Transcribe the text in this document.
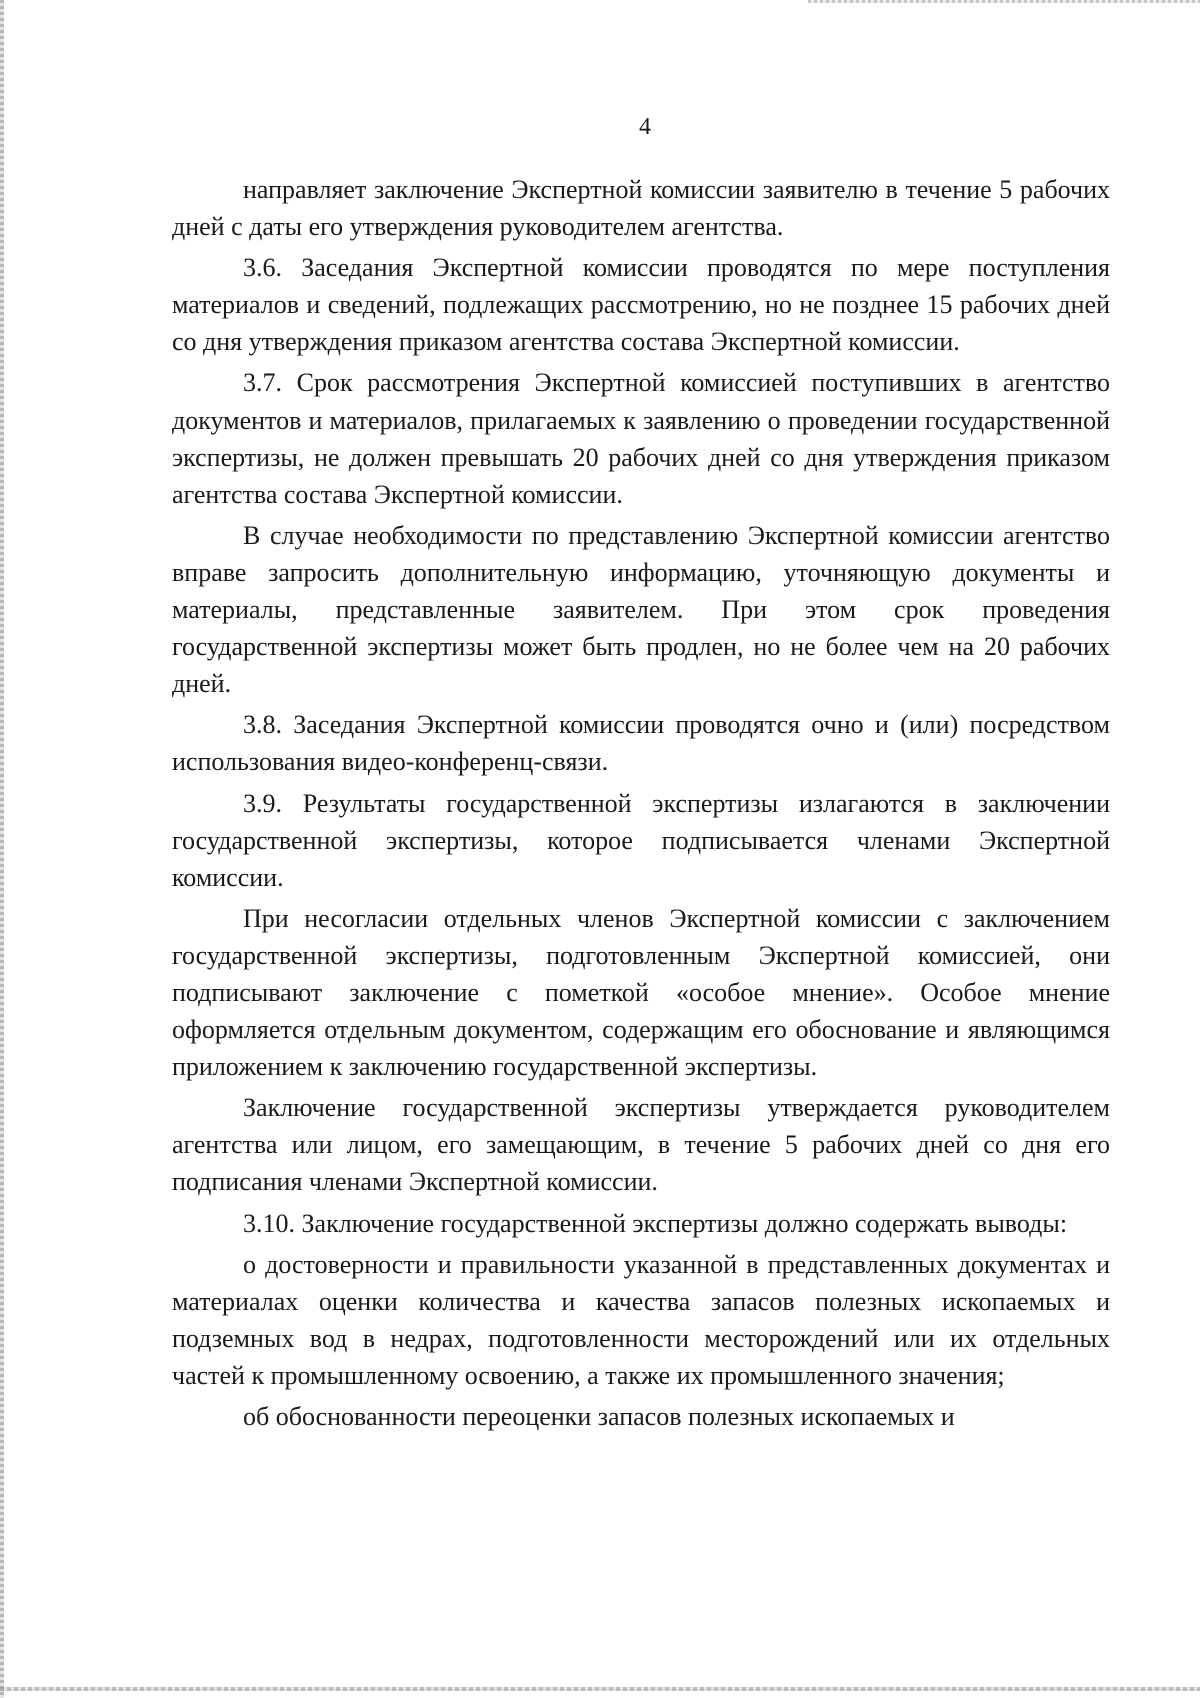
4

направляет заключение Экспертной комиссии заявителю в течение 5 рабочих дней с даты его утверждения руководителем агентства.

3.6. Заседания Экспертной комиссии проводятся по мере поступления материалов и сведений, подлежащих рассмотрению, но не позднее 15 рабочих дней со дня утверждения приказом агентства состава Экспертной комиссии.

3.7. Срок рассмотрения Экспертной комиссией поступивших в агентство документов и материалов, прилагаемых к заявлению о проведении государственной экспертизы, не должен превышать 20 рабочих дней со дня утверждения приказом агентства состава Экспертной комиссии.

В случае необходимости по представлению Экспертной комиссии агентство вправе запросить дополнительную информацию, уточняющую документы и материалы, представленные заявителем. При этом срок проведения государственной экспертизы может быть продлен, но не более чем на 20 рабочих дней.

3.8. Заседания Экспертной комиссии проводятся очно и (или) посредством использования видео-конференц-связи.

3.9. Результаты государственной экспертизы излагаются в заключении государственной экспертизы, которое подписывается членами Экспертной комиссии.

При несогласии отдельных членов Экспертной комиссии с заключением государственной экспертизы, подготовленным Экспертной комиссией, они подписывают заключение с пометкой «особое мнение». Особое мнение оформляется отдельным документом, содержащим его обоснование и являющимся приложением к заключению государственной экспертизы.

Заключение государственной экспертизы утверждается руководителем агентства или лицом, его замещающим, в течение 5 рабочих дней со дня его подписания членами Экспертной комиссии.

3.10. Заключение государственной экспертизы должно содержать выводы:

о достоверности и правильности указанной в представленных документах и материалах оценки количества и качества запасов полезных ископаемых и подземных вод в недрах, подготовленности месторождений или их отдельных частей к промышленному освоению, а также их промышленного значения;

об обоснованности переоценки запасов полезных ископаемых и
